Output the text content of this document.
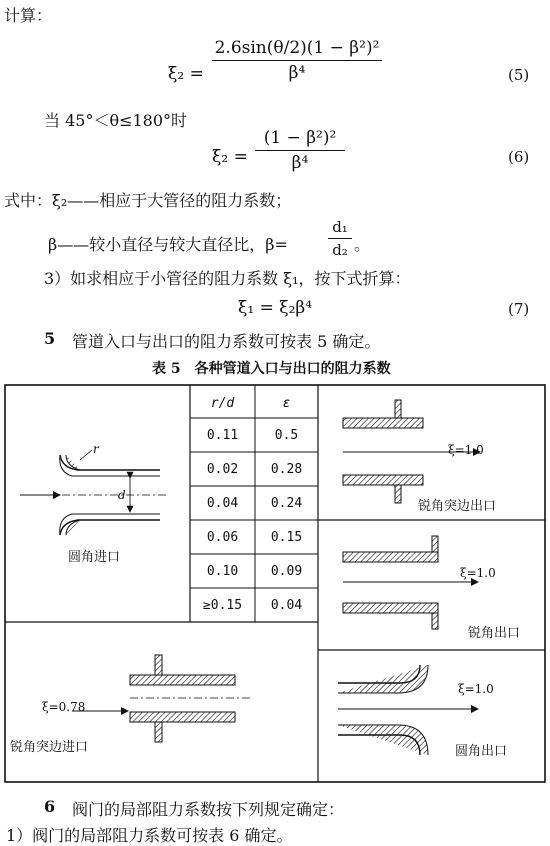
计算：
ξ₂ =
2.6sin(θ/2)(1 − β²)²
β⁴	(5)
当 45°＜θ≤180°时
ξ₂ =
(1 − β²)²
β⁴	(6)
式中：ξ₂——相应于大管径的阻力系数；
β——较小直径与较大直径比，β=
d₁
d₂ 。
3）如求相应于小管径的阻力系数 ξ₁，按下式折算：
ξ₁ = ξ₂β⁴	(7)
5 管道入口与出口的阻力系数可按表 5 确定。
表 5　各种管道入口与出口的阻力系数
r/d	ε
0.11	0.5
0.02	0.28
0.04	0.24
0.06	0.15
0.10	0.09
≥0.15	0.04
r
d
圆角进口
ξ=1.0
锐角突边出口
ξ=1.0
锐角出口
ξ=0.78
锐角突边进口
ξ=1.0
圆角出口
6 阀门的局部阻力系数按下列规定确定：
1）阀门的局部阻力系数可按表 6 确定。
